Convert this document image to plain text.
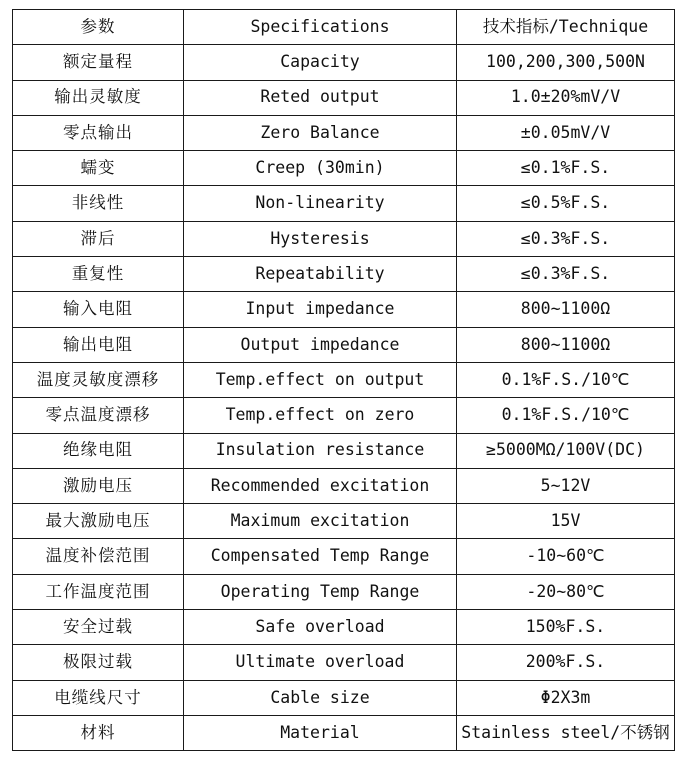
参数	Specifications	技术指标/Technique
额定量程	Capacity	100,200,300,500N
输出灵敏度	Reted output	1.0±20%mV/V
零点输出	Zero Balance	±0.05mV/V
蠕变	Creep (30min)	≤0.1%F.S.
非线性	Non-linearity	≤0.5%F.S.
滞后	Hysteresis	≤0.3%F.S.
重复性	Repeatability	≤0.3%F.S.
输入电阻	Input impedance	800~1100Ω
输出电阻	Output impedance	800~1100Ω
温度灵敏度漂移	Temp.effect on output	0.1%F.S./10℃
零点温度漂移	Temp.effect on zero	0.1%F.S./10℃
绝缘电阻	Insulation resistance	≥5000MΩ/100V(DC)
激励电压	Recommended excitation	5~12V
最大激励电压	Maximum excitation	15V
温度补偿范围	Compensated Temp Range	-10~60℃
工作温度范围	Operating Temp Range	-20~80℃
安全过载	Safe overload	150%F.S.
极限过载	Ultimate overload	200%F.S.
电缆线尺寸	Cable size	Φ2X3m
材料	Material	Stainless steel/不锈钢
